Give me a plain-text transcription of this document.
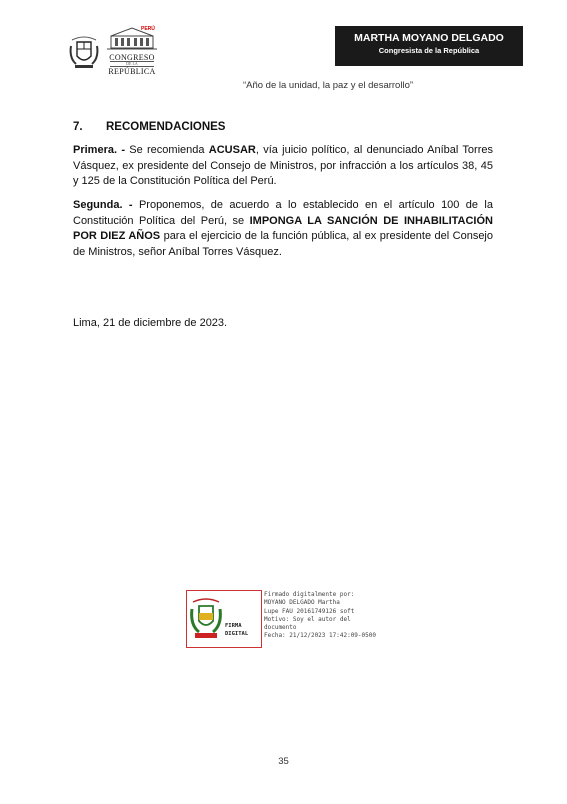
PERÚ
CONGRESO
DE LA
REPÚBLICA
MARTHA MOYANO DELGADO
Congresista de la República
“Año de la unidad, la paz y el desarrollo”
7. RECOMENDACIONES
Primera. - Se recomienda ACUSAR, vía juicio político, al denunciado Aníbal Torres Vásquez, ex presidente del Consejo de Ministros, por infracción a los artículos 38, 45 y 125 de la Constitución Política del Perú.
Segunda. - Proponemos, de acuerdo a lo establecido en el artículo 100 de la Constitución Política del Perú, se IMPONGA LA SANCIÓN DE INHABILITACIÓN POR DIEZ AÑOS para el ejercicio de la función pública, al ex presidente del Consejo de Ministros, señor Aníbal Torres Vásquez.
Lima, 21 de diciembre de 2023.
FIRMA
DIGITAL
Firmado digitalmente por:
MOYANO DELGADO Martha
Lupe FAU 20161749126 soft
Motivo: Soy el autor del
documento
Fecha: 21/12/2023 17:42:09-0500
35
